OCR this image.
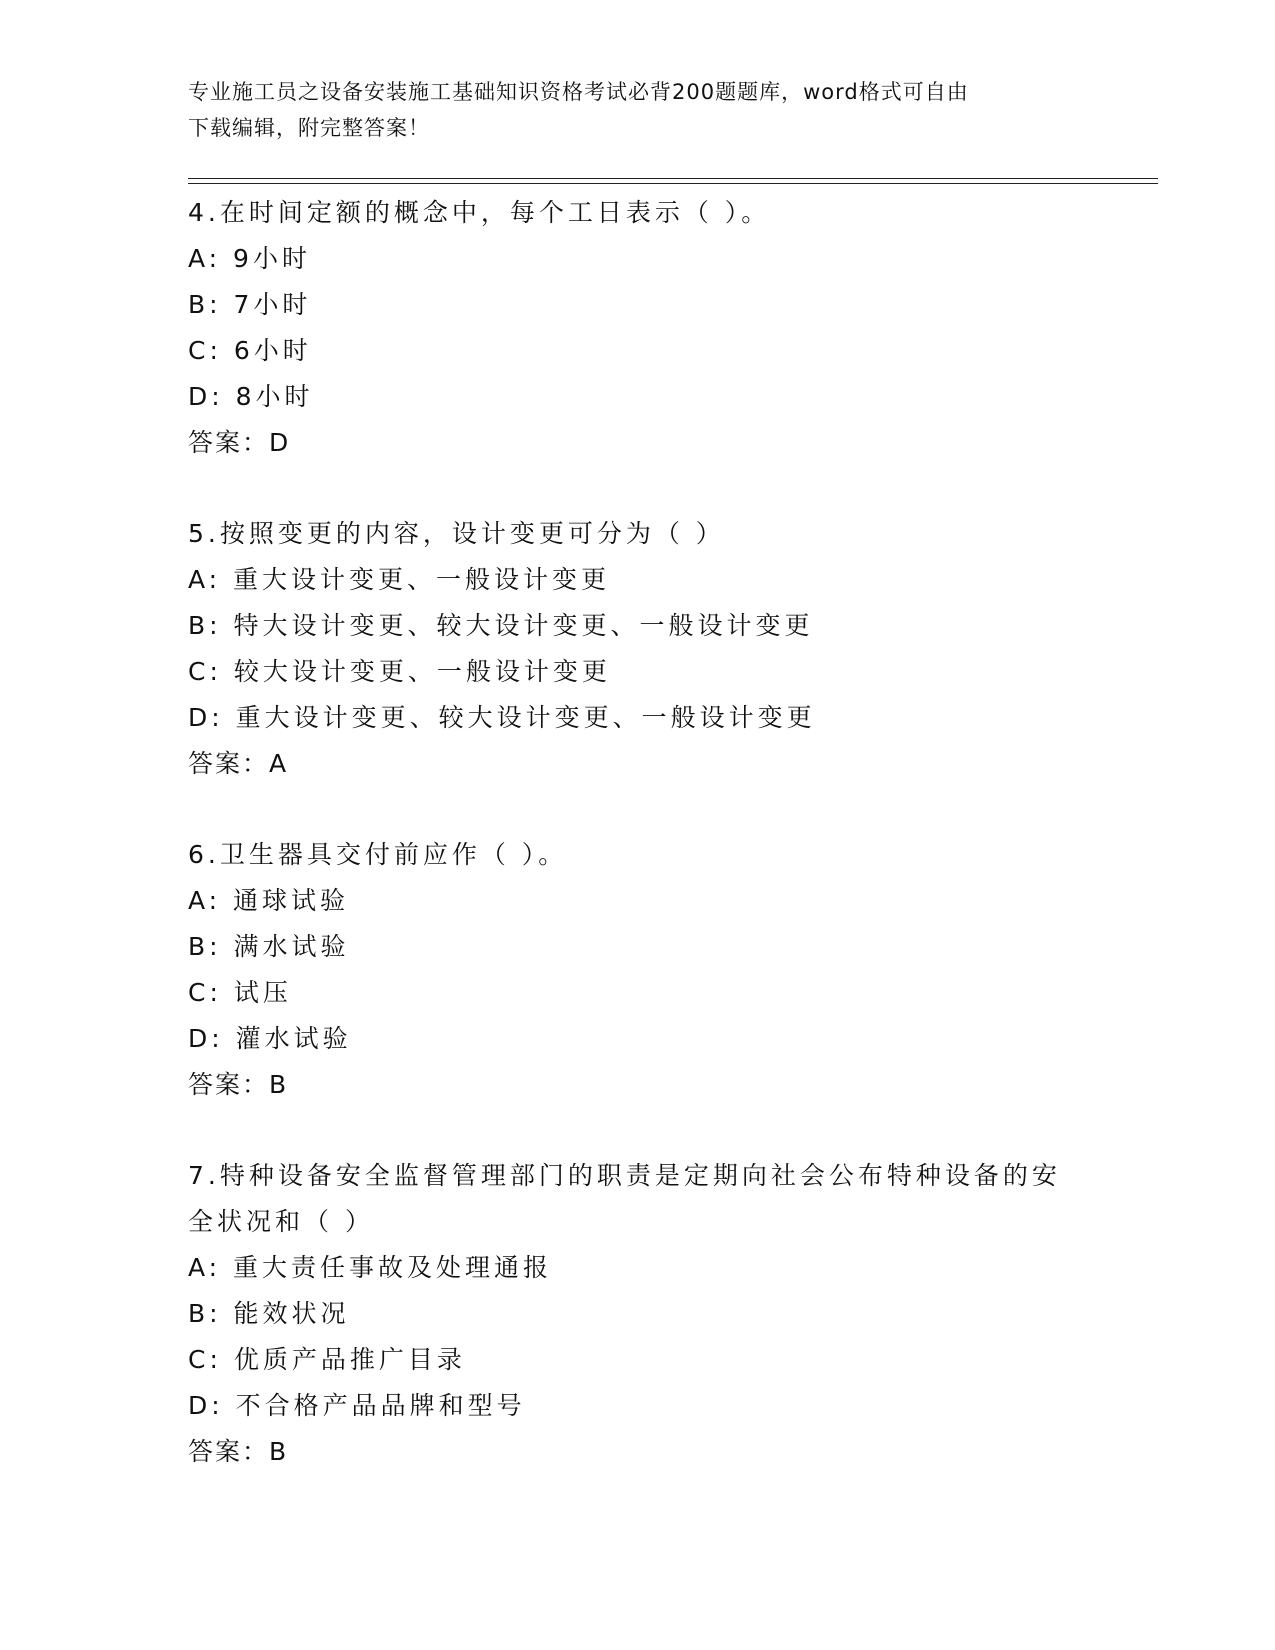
专业施工员之设备安装施工基础知识资格考试必背200题题库，word格式可自由
下载编辑，附完整答案！
4.在时间定额的概念中，每个工日表示（ ）。
A: 9小时
B: 7小时
C: 6小时
D: 8小时
答案：D
5.按照变更的内容，设计变更可分为（ ）
A: 重大设计变更、一般设计变更
B: 特大设计变更、较大设计变更、一般设计变更
C: 较大设计变更、一般设计变更
D: 重大设计变更、较大设计变更、一般设计变更
答案：A
6.卫生器具交付前应作（ ）。
A: 通球试验
B: 满水试验
C: 试压
D: 灌水试验
答案：B
7.特种设备安全监督管理部门的职责是定期向社会公布特种设备的安
全状况和（ ）
A: 重大责任事故及处理通报
B: 能效状况
C: 优质产品推广目录
D: 不合格产品品牌和型号
答案：B
